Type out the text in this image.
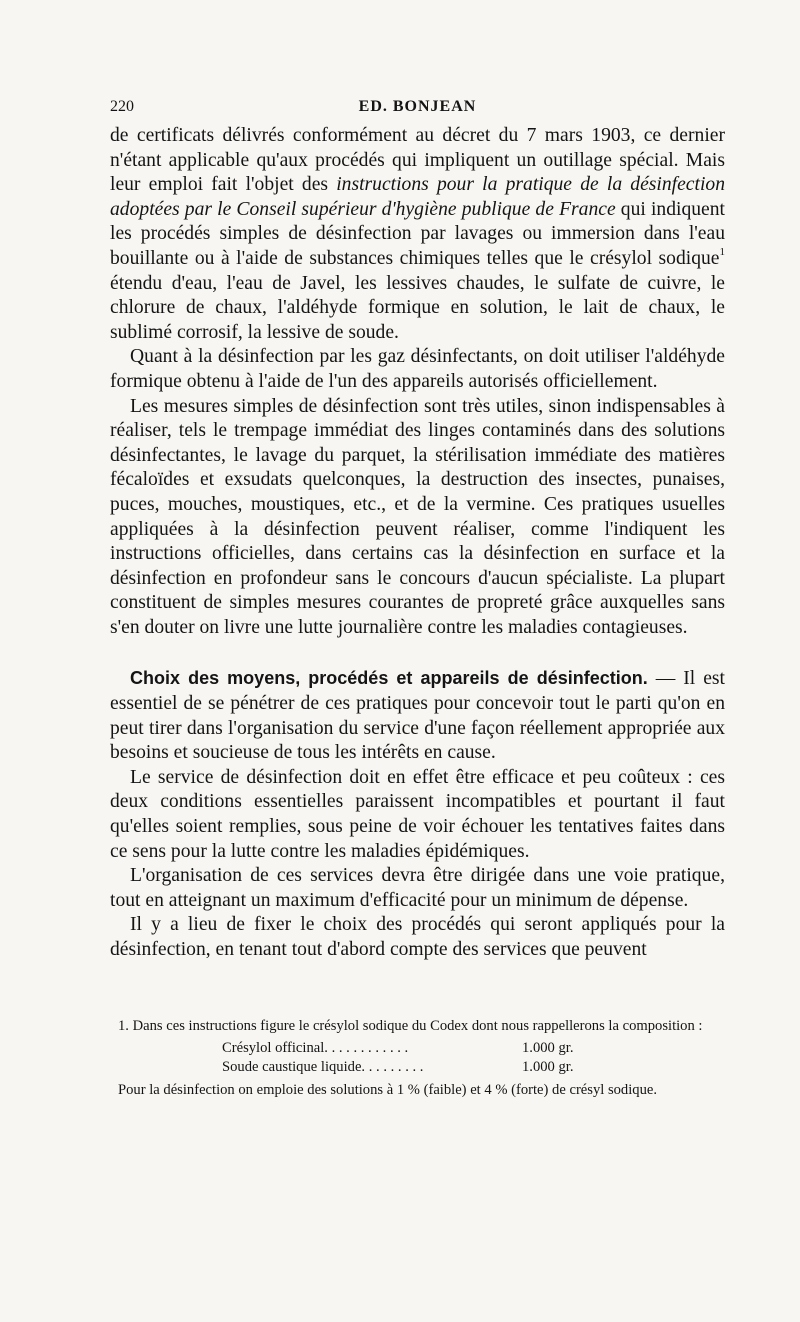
220	ED. BONJEAN

de certificats délivrés conformément au décret du 7 mars 1903, ce dernier n'étant applicable qu'aux procédés qui impliquent un outillage spécial. Mais leur emploi fait l'objet des instructions pour la pratique de la désinfection adoptées par le Conseil supérieur d'hygiène publique de France qui indiquent les procédés simples de désinfection par lavages ou immersion dans l'eau bouillante ou à l'aide de substances chimiques telles que le crésylol sodique$^1$ étendu d'eau, l'eau de Javel, les lessives chaudes, le sulfate de cuivre, le chlorure de chaux, l'aldéhyde formique en solution, le lait de chaux, le sublimé corrosif, la lessive de soude.

Quant à la désinfection par les gaz désinfectants, on doit utiliser l'aldéhyde formique obtenu à l'aide de l'un des appareils autorisés officiellement.

Les mesures simples de désinfection sont très utiles, sinon indispensables à réaliser, tels le trempage immédiat des linges contaminés dans des solutions désinfectantes, le lavage du parquet, la stérilisation immédiate des matières fécaloïdes et exsudats quelconques, la destruction des insectes, punaises, puces, mouches, moustiques, etc., et de la vermine. Ces pratiques usuelles appliquées à la désinfection peuvent réaliser, comme l'indiquent les instructions officielles, dans certains cas la désinfection en surface et la désinfection en profondeur sans le concours d'aucun spécialiste. La plupart constituent de simples mesures courantes de propreté grâce auxquelles sans s'en douter on livre une lutte journalière contre les maladies contagieuses.

Choix des moyens, procédés et appareils de désinfection. — Il est essentiel de se pénétrer de ces pratiques pour concevoir tout le parti qu'on en peut tirer dans l'organisation du service d'une façon réellement appropriée aux besoins et soucieuse de tous les intérêts en cause.

Le service de désinfection doit en effet être efficace et peu coûteux : ces deux conditions essentielles paraissent incompatibles et pourtant il faut qu'elles soient remplies, sous peine de voir échouer les tentatives faites dans ce sens pour la lutte contre les maladies épidémiques.

L'organisation de ces services devra être dirigée dans une voie pratique, tout en atteignant un maximum d'efficacité pour un minimum de dépense.

Il y a lieu de fixer le choix des procédés qui seront appliqués pour la désinfection, en tenant tout d'abord compte des services que peuvent

1. Dans ces instructions figure le crésylol sodique du Codex dont nous rappellerons la composition :
Crésylol officinal. . . . . . . . . . . .	1.000 gr.
Soude caustique liquide. . . . . . . . .	1.000 gr.
Pour la désinfection on emploie des solutions à 1 % (faible) et 4 % (forte) de crésyl sodique.
